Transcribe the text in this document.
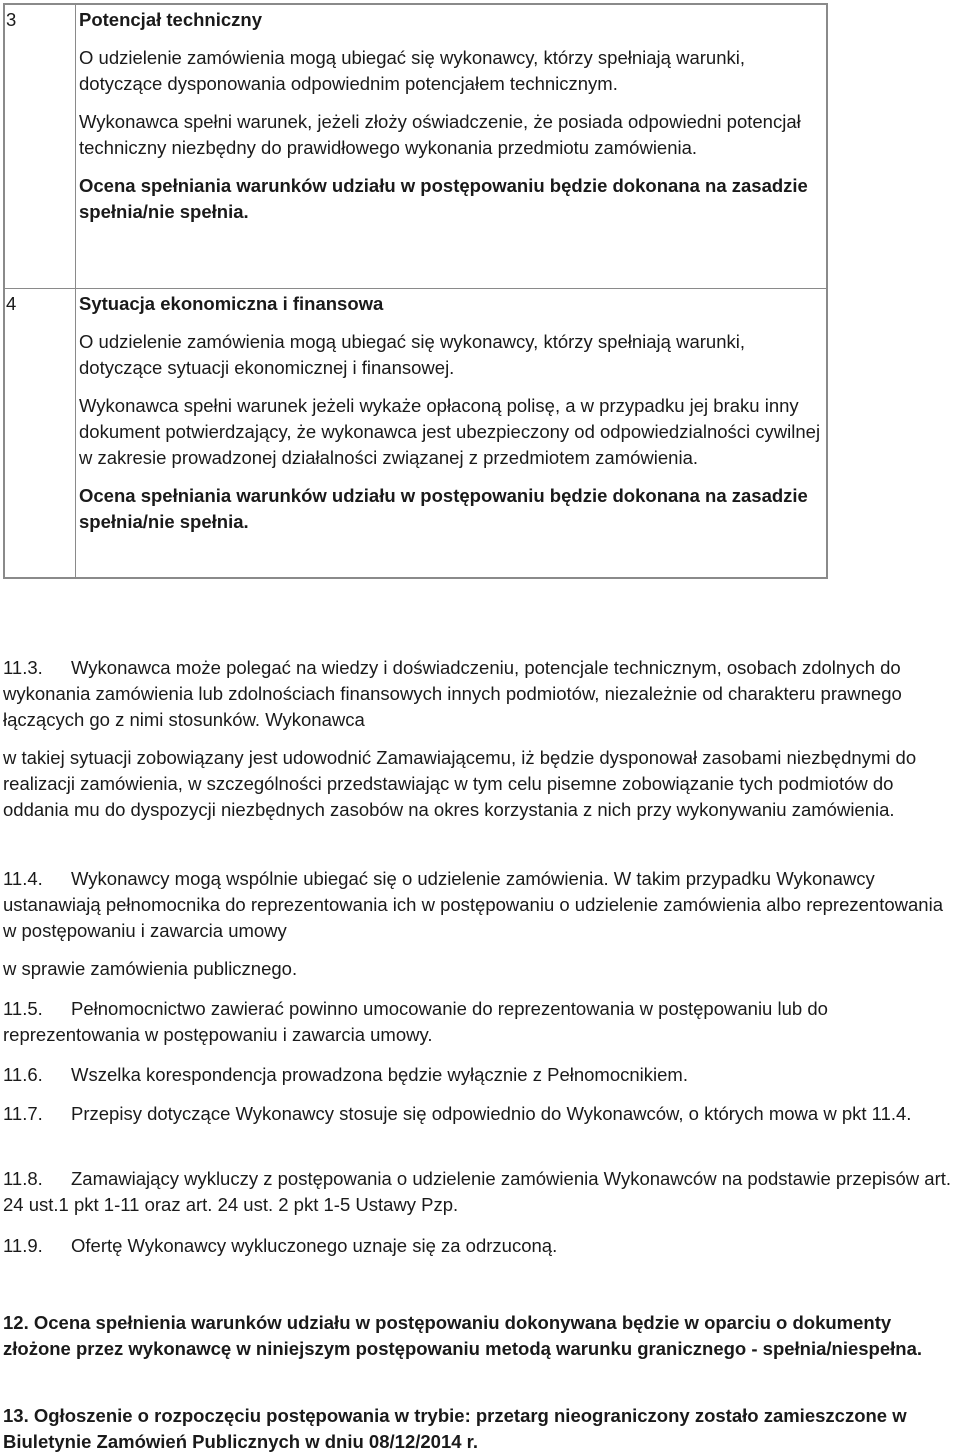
3	Potencjał techniczny

O udzielenie zamówienia mogą ubiegać się wykonawcy, którzy spełniają warunki, dotyczące dysponowania odpowiednim potencjałem technicznym.

Wykonawca spełni warunek, jeżeli złoży oświadczenie, że posiada odpowiedni potencjał techniczny niezbędny do prawidłowego wykonania przedmiotu zamówienia.

Ocena spełniania warunków udziału w postępowaniu będzie dokonana na zasadzie spełnia/nie spełnia.

4	Sytuacja ekonomiczna i finansowa

O udzielenie zamówienia mogą ubiegać się wykonawcy, którzy spełniają warunki, dotyczące sytuacji ekonomicznej i finansowej.

Wykonawca spełni warunek jeżeli wykaże opłaconą polisę, a w przypadku jej braku inny dokument potwierdzający, że wykonawca jest ubezpieczony od odpowiedzialności cywilnej w zakresie prowadzonej działalności związanej z przedmiotem zamówienia.

Ocena spełniania warunków udziału w postępowaniu będzie dokonana na zasadzie spełnia/nie spełnia.

11.3. Wykonawca może polegać na wiedzy i doświadczeniu, potencjale technicznym, osobach zdolnych do wykonania zamówienia lub zdolnościach finansowych innych podmiotów, niezależnie od charakteru prawnego łączących go z nimi stosunków. Wykonawca

w takiej sytuacji zobowiązany jest udowodnić Zamawiającemu, iż będzie dysponował zasobami niezbędnymi do realizacji zamówienia, w szczególności przedstawiając w tym celu pisemne zobowiązanie tych podmiotów do oddania mu do dyspozycji niezbędnych zasobów na okres korzystania z nich przy wykonywaniu zamówienia.

11.4. Wykonawcy mogą wspólnie ubiegać się o udzielenie zamówienia. W takim przypadku Wykonawcy ustanawiają pełnomocnika do reprezentowania ich w postępowaniu o udzielenie zamówienia albo reprezentowania w postępowaniu i zawarcia umowy

w sprawie zamówienia publicznego.

11.5. Pełnomocnictwo zawierać powinno umocowanie do reprezentowania w postępowaniu lub do reprezentowania w postępowaniu i zawarcia umowy.

11.6. Wszelka korespondencja prowadzona będzie wyłącznie z Pełnomocnikiem.

11.7. Przepisy dotyczące Wykonawcy stosuje się odpowiednio do Wykonawców, o których mowa w pkt 11.4.

11.8. Zamawiający wykluczy z postępowania o udzielenie zamówienia Wykonawców na podstawie przepisów art. 24 ust.1 pkt 1-11 oraz art. 24 ust. 2 pkt 1-5 Ustawy Pzp.

11.9. Ofertę Wykonawcy wykluczonego uznaje się za odrzuconą.

12. Ocena spełnienia warunków udziału w postępowaniu dokonywana będzie w oparciu o dokumenty złożone przez wykonawcę w niniejszym postępowaniu metodą warunku granicznego - spełnia/niespełna.

13. Ogłoszenie o rozpoczęciu postępowania w trybie: przetarg nieograniczony zostało zamieszczone w Biuletynie Zamówień Publicznych w dniu 08/12/2014 r.
